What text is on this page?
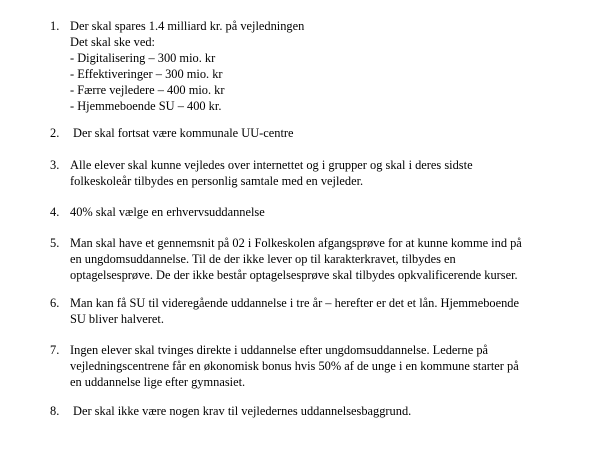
1. Der skal spares 1.4 milliard kr. på vejledningen
Det skal ske ved:
- Digitalisering – 300 mio. kr
- Effektiveringer – 300 mio. kr
- Færre vejledere – 400 mio. kr
- Hjemmeboende SU – 400 kr.
2. Der skal fortsat være kommunale UU-centre
3. Alle elever skal kunne vejledes over internettet og i grupper og skal i deres sidste
folkeskoleår tilbydes en personlig samtale med en vejleder.
4. 40% skal vælge en erhvervsuddannelse
5. Man skal have et gennemsnit på 02 i Folkeskolen afgangsprøve for at kunne komme ind på
en ungdomsuddannelse. Til de der ikke lever op til karakterkravet, tilbydes en
optagelsesprøve. De der ikke består optagelsesprøve skal tilbydes opkvalificerende kurser.
6. Man kan få SU til videregående uddannelse i tre år – herefter er det et lån. Hjemmeboende
SU bliver halveret.
7. Ingen elever skal tvinges direkte i uddannelse efter ungdomsuddannelse. Lederne på
vejledningscentrene får en økonomisk bonus hvis 50% af de unge i en kommune starter på
en uddannelse lige efter gymnasiet.
8. Der skal ikke være nogen krav til vejledernes uddannelsesbaggrund.
